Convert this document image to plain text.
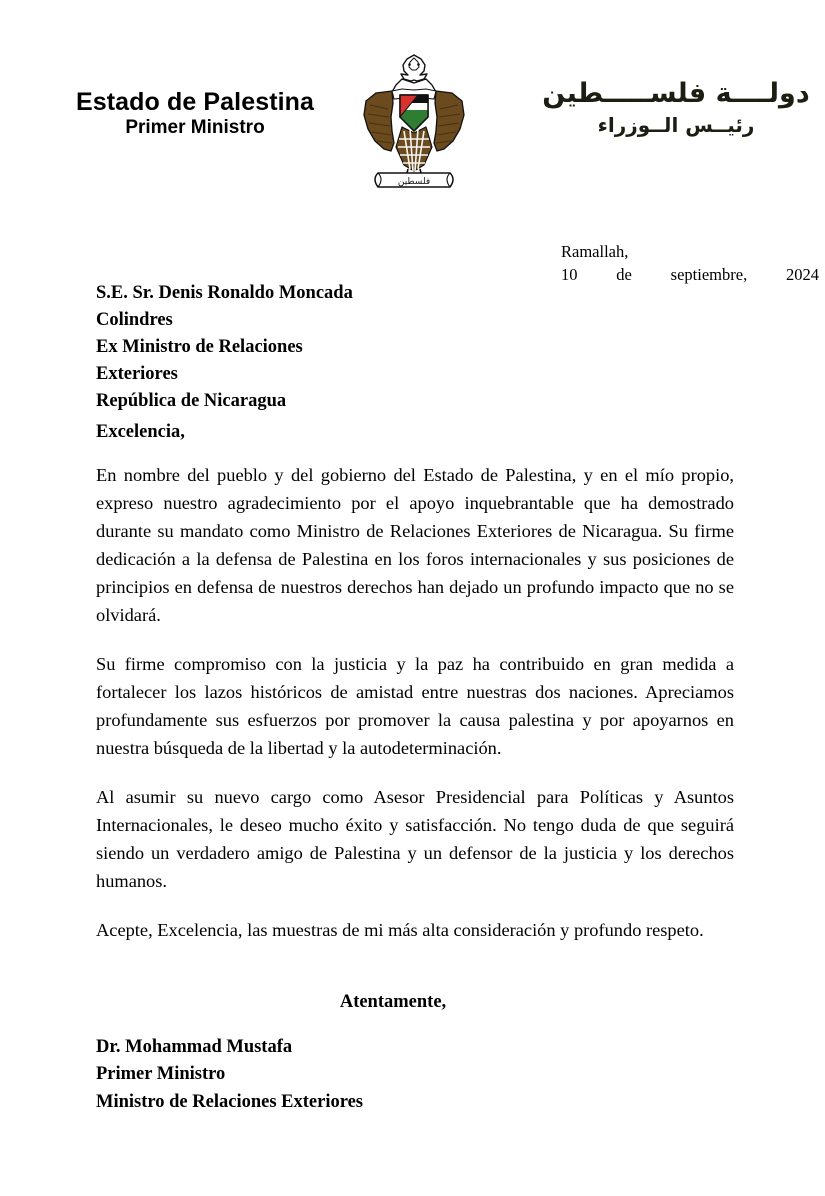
Estado de Palestina
Primer Ministro
فلسطين
دولــــة فلســـــطين
رئيــس الــوزراء
Ramallah,
10    de    septiembre,    2024
S.E. Sr. Denis Ronaldo Moncada
Colindres
Ex Ministro de Relaciones
Exteriores
República de Nicaragua
Excelencia,

En nombre del pueblo y del gobierno del Estado de Palestina, y en el mío propio, expreso nuestro agradecimiento por el apoyo inquebrantable que ha demostrado durante su mandato como Ministro de Relaciones Exteriores de Nicaragua. Su firme dedicación a la defensa de Palestina en los foros internacionales y sus posiciones de principios en defensa de nuestros derechos han dejado un profundo impacto que no se olvidará.

Su firme compromiso con la justicia y la paz ha contribuido en gran medida a fortalecer los lazos históricos de amistad entre nuestras dos naciones. Apreciamos profundamente sus esfuerzos por promover la causa palestina y por apoyarnos en nuestra búsqueda de la libertad y la autodeterminación.

Al asumir su nuevo cargo como Asesor Presidencial para Políticas y Asuntos Internacionales, le deseo mucho éxito y satisfacción. No tengo duda de que seguirá siendo un verdadero amigo de Palestina y un defensor de la justicia y los derechos humanos.

Acepte, Excelencia, las muestras de mi más alta consideración y profundo respeto.

Atentamente,
Dr. Mohammad Mustafa
Primer Ministro
Ministro de Relaciones Exteriores
